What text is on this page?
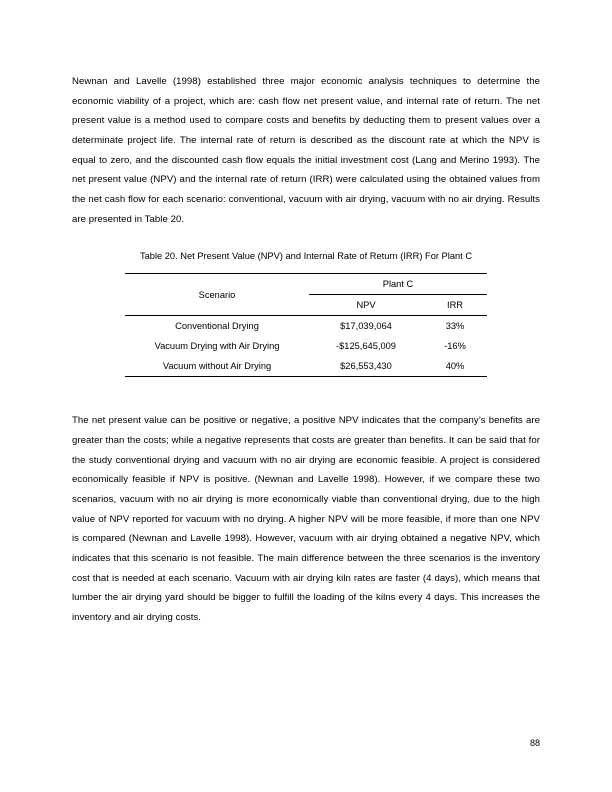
Newnan and Lavelle (1998) established three major economic analysis techniques to determine the economic viability of a project, which are: cash flow net present value, and internal rate of return. The net present value is a method used to compare costs and benefits by deducting them to present values over a determinate project life. The internal rate of return is described as the discount rate at which the NPV is equal to zero, and the discounted cash flow equals the initial investment cost (Lang and Merino 1993). The net present value (NPV) and the internal rate of return (IRR) were calculated using the obtained values from the net cash flow for each scenario: conventional, vacuum with air drying, vacuum with no air drying. Results are presented in Table 20.

Table 20. Net Present Value (NPV) and Internal Rate of Return (IRR) For Plant C
Scenario	Plant C	
	NPV	IRR
Conventional Drying	$17,039,064	33%
Vacuum Drying with Air Drying	-$125,645,009	-16%
Vacuum without Air Drying	$26,553,430	40%

The net present value can be positive or negative, a positive NPV indicates that the company’s benefits are greater than the costs; while a negative represents that costs are greater than benefits. It can be said that for the study conventional drying and vacuum with no air drying are economic feasible. A project is considered economically feasible if NPV is positive. (Newnan and Lavelle 1998). However, if we compare these two scenarios, vacuum with no air drying is more economically viable than conventional drying, due to the high value of NPV reported for vacuum with no drying. A higher NPV will be more feasible, if more than one NPV is compared (Newnan and Lavelle 1998). However, vacuum with air drying obtained a negative NPV, which indicates that this scenario is not feasible. The main difference between the three scenarios is the inventory cost that is needed at each scenario. Vacuum with air drying kiln rates are faster (4 days), which means that lumber the air drying yard should be bigger to fulfill the loading of the kilns every 4 days. This increases the inventory and air drying costs.

88
